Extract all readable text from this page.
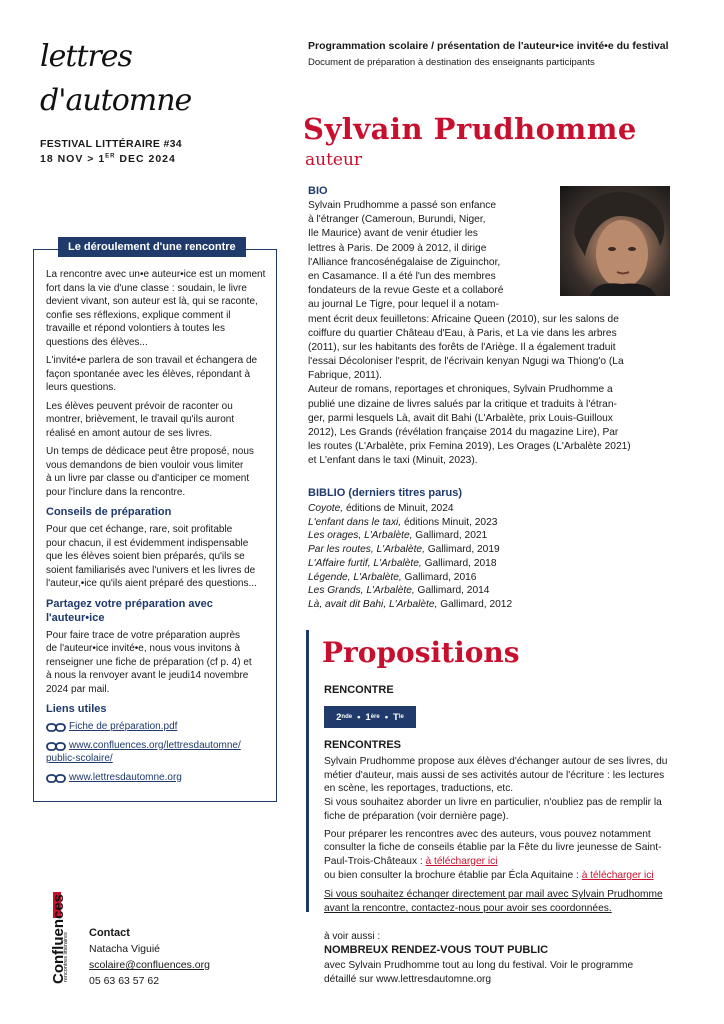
lettres
d'automne
FESTIVAL LITTÉRAIRE #34
18 NOV > 1ER DEC 2024
Programmation scolaire / présentation de l'auteur•ice invité•e du festival
Document de préparation à destination des enseignants participants
Sylvain Prudhomme
auteur
BIO
Sylvain Prudhomme a passé son enfance
à l'étranger (Cameroun, Burundi, Niger,
Ile Maurice) avant de venir étudier les
lettres à Paris. De 2009 à 2012, il dirige
l'Alliance francosénégalaise de Ziguinchor,
en Casamance. Il a été l'un des membres
fondateurs de la revue Geste et a collaboré
au journal Le Tigre, pour lequel il a notam-
ment écrit deux feuilletons: Africaine Queen (2010), sur les salons de
coiffure du quartier Château d'Eau, à Paris, et La vie dans les arbres
(2011), sur les habitants des forêts de l'Ariège. Il a également traduit
l'essai Décoloniser l'esprit, de l'écrivain kenyan Ngugi wa Thiong'o (La
Fabrique, 2011).
Auteur de romans, reportages et chroniques, Sylvain Prudhomme a
publié une dizaine de livres salués par la critique et traduits à l'étran-
ger, parmi lesquels Là, avait dit Bahi (L'Arbalète, prix Louis-Guilloux
2012), Les Grands (révélation française 2014 du magazine Lire), Par
les routes (L'Arbalète, prix Femina 2019), Les Orages (L'Arbalète 2021)
et L'enfant dans le taxi (Minuit, 2023).
BIBLIO (derniers titres parus)
Coyote, éditions de Minuit, 2024
L'enfant dans le taxi, éditions Minuit, 2023
Les orages, L'Arbalète, Gallimard, 2021
Par les routes, L'Arbalète, Gallimard, 2019
L'Affaire furtif, L'Arbalète, Gallimard, 2018
Légende, L'Arbalète, Gallimard, 2016
Les Grands, L'Arbalète, Gallimard, 2014
Là, avait dit Bahi, L'Arbalète, Gallimard, 2012
Propositions
RENCONTRE
2 nde • 1 ère • T le
RENCONTRES

Sylvain Prudhomme propose aux élèves d'échanger autour de ses livres, du
métier d'auteur, mais aussi de ses activités autour de l'écriture : les lectures
en scène, les reportages, traductions, etc.
Si vous souhaitez aborder un livre en particulier, n'oubliez pas de remplir la
fiche de préparation (voir dernière page).

Pour préparer les rencontres avec des auteurs, vous pouvez notamment
consulter la fiche de conseils établie par la Fête du livre jeunesse de Saint-
Paul-Trois-Châteaux : à télécharger ici
ou bien consulter la brochure établie par Écla Aquitaine : à télécharger ici

Si vous souhaitez échanger directement par mail avec Sylvain Prudhomme
avant la rencontre, contactez-nous pour avoir ses coordonnées.

à voir aussi :
NOMBREUX RENDEZ-VOUS TOUT PUBLIC
avec Sylvain Prudhomme tout au long du festival. Voir le programme
détaillé sur www.lettresdautomne.org
Le déroulement d'une rencontre

La rencontre avec un•e auteur•ice est un moment
fort dans la vie d'une classe : soudain, le livre
devient vivant, son auteur est là, qui se raconte,
confie ses réflexions, explique comment il
travaille et répond volontiers à toutes les
questions des élèves...

L'invité•e parlera de son travail et échangera de
façon spontanée avec les élèves, répondant à
leurs questions.

Les élèves peuvent prévoir de raconter ou
montrer, brièvement, le travail qu'ils auront
réalisé en amont autour de ses livres.

Un temps de dédicace peut être proposé, nous
vous demandons de bien vouloir vous limiter
à un livre par classe ou d'anticiper ce moment
pour l'inclure dans la rencontre.

Conseils de préparation

Pour que cet échange, rare, soit profitable
pour chacun, il est évidemment indispensable
que les élèves soient bien préparés, qu'ils se
soient familiarisés avec l'univers et les livres de
l'auteur,•ice qu'ils aient préparé des questions...

Partagez votre préparation avec
l'auteur•ice

Pour faire trace de votre préparation auprès
de l'auteur•ice invité•e, nous vous invitons à
renseigner une fiche de préparation (cf p. 4) et
à nous la renvoyer avant le jeudi14 novembre
2024 par mail.

Liens utiles
Fiche de préparation.pdf
www.confluences.org/lettresdautomne/
public-scolaire/
www.lettresdautomne.org
Confluences
rencontres littéraires Contact
Natacha Viguié
scolaire@confluences.org
05 63 63 57 62
